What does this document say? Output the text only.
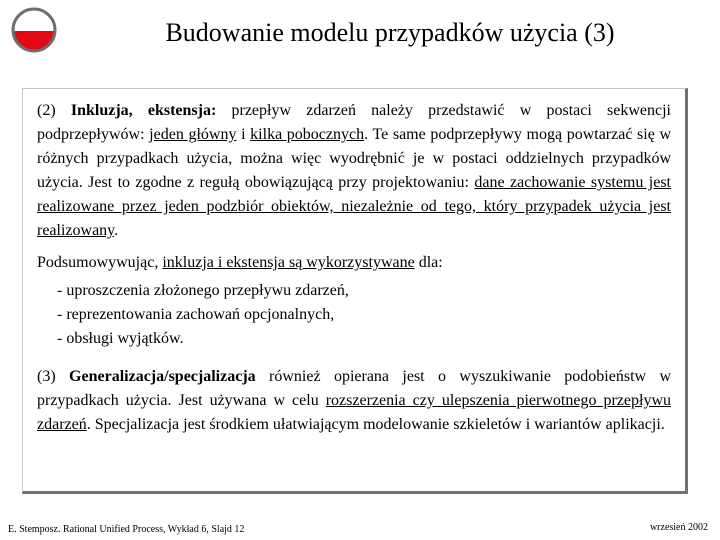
Budowanie modelu przypadków użycia (3)

(2) Inkluzja, ekstensja: przepływ zdarzeń należy przedstawić w postaci sekwencji podprzepływów: jeden główny i kilka pobocznych. Te same podprzepływy mogą powtarzać się w różnych przypadkach użycia, można więc wyodrębnić je w postaci oddzielnych przypadków użycia. Jest to zgodne z regułą obowiązującą przy projektowaniu: dane zachowanie systemu jest realizowane przez jeden podzbiór obiektów, niezależnie od tego, który przypadek użycia jest realizowany.

Podsumowywując, inkluzja i ekstensja są wykorzystywane dla:

- uproszczenia złożonego przepływu zdarzeń,
- reprezentowania zachowań opcjonalnych,
- obsługi wyjątków.

(3) Generalizacja/specjalizacja również opierana jest o wyszukiwanie podobieństw w przypadkach użycia. Jest używana w celu rozszerzenia czy ulepszenia pierwotnego przepływu zdarzeń. Specjalizacja jest środkiem ułatwiającym modelowanie szkieletów i wariantów aplikacji.

E. Stemposz. Rational Unified Process, Wykład 6, Slajd 12	wrzesień 2002
